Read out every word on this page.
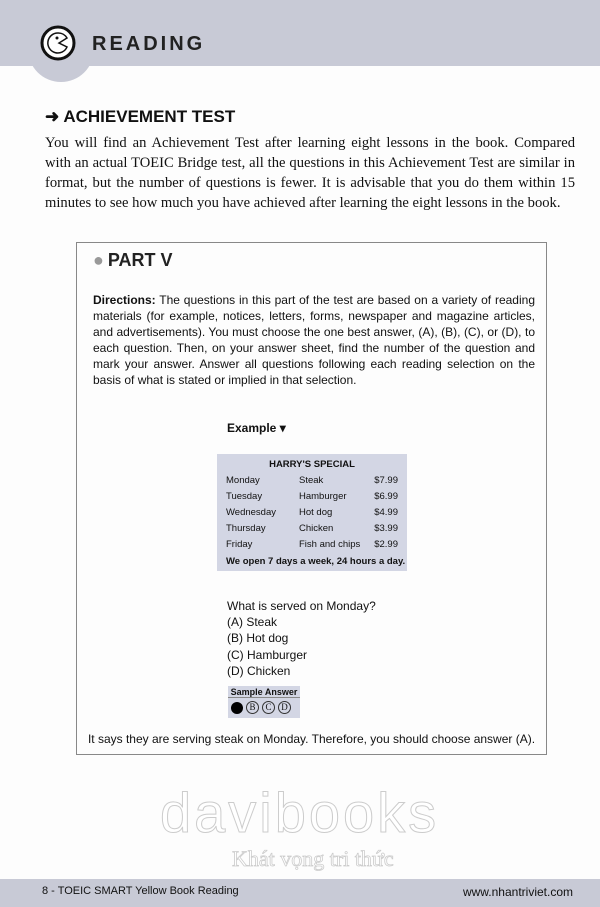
READING
➜ ACHIEVEMENT TEST
You will find an Achievement Test after learning eight lessons in the book. Compared with an actual TOEIC Bridge test, all the questions in this Achievement Test are similar in format, but the number of questions is fewer. It is advisable that you do them within 15 minutes to see how much you have achieved after learning the eight lessons in the book.
● PART V
Directions: The questions in this part of the test are based on a variety of reading materials (for example, notices, letters, forms, newspaper and magazine articles, and advertisements). You must choose the one best answer, (A), (B), (C), or (D), to each question. Then, on your answer sheet, find the number of the question and mark your answer. Answer all questions following each reading selection on the basis of what is stated or implied in that selection.
Example ▾
HARRY'S SPECIAL
Monday	Steak	$7.99
Tuesday	Hamburger	$6.99
Wednesday Hot dog	$4.99
Thursday	Chicken	$3.99
Friday	Fish and chips $2.99
We open 7 days a week, 24 hours a day.
What is served on Monday?
(A) Steak
(B) Hot dog
(C) Hamburger
(D) Chicken
Sample Answer
B	C	D
It says they are serving steak on Monday. Therefore, you should choose answer (A).
davibooks
Khát vọng tri thức
8 - TOEIC SMART Yellow Book Reading	www.nhantriviet.com
